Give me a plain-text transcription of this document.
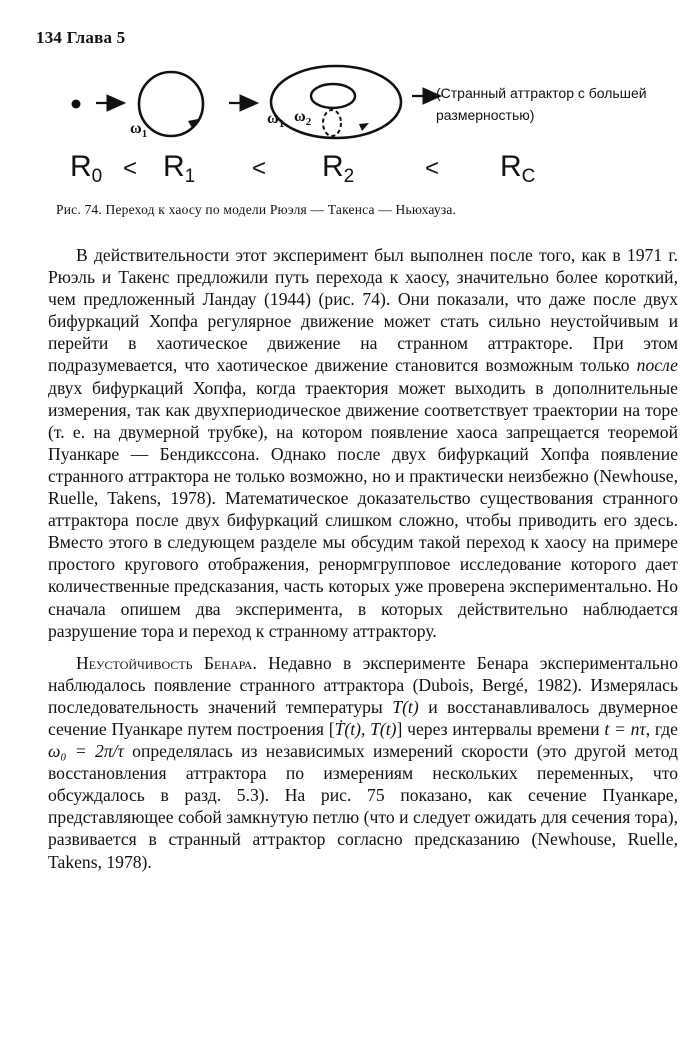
134 Глава 5
$\omega_1$
$\omega_1$ $\omega_2$
(Странный аттрактор с большей размерностью)
$R_0 < R_1 < R_2$	< $R_C$
Рис. 74. Переход к хаосу по модели Рюэля — Такенса — Ньюхауза.

В действительности этот эксперимент был выполнен после того, как в 1971 г. Рюэль и Такенс предложили путь перехода к хаосу, значительно более короткий, чем предложенный Ландау (1944) (рис. 74). Они показали, что даже после двух бифуркаций Хопфа регулярное движение может стать сильно неустойчивым и перейти в хаотическое движение на странном аттракторе. При этом подразумевается, что хаотическое движение становится возможным только после двух бифуркаций Хопфа, когда траектория может выходить в дополнительные измерения, так как двухпериодическое движение соответствует траектории на торе (т. е. на двумерной трубке), на котором появление хаоса запрещается теоремой Пуанкаре — Бендикссона. Однако после двух бифуркаций Хопфа появление странного аттрактора не только возможно, но и практически неизбежно (Newhouse, Ruelle, Takens, 1978). Математическое доказательство существования странного аттрактора после двух бифуркаций слишком сложно, чтобы приводить его здесь. Вместо этого в следующем разделе мы обсудим такой переход к хаосу на примере простого кругового отображения, ренормгрупповое исследование которого дает количественные предсказания, часть которых уже проверена экспериментально. Но сначала опишем два эксперимента, в которых действительно наблюдается разрушение тора и переход к странному аттрактору.

Неустойчивость Бенара. Недавно в эксперименте Бенара экспериментально наблюдалось появление странного аттрактора (Dubois, Bergé, 1982). Измерялась последовательность значений температуры T(t) и восстанавливалось двумерное сечение Пуанкаре путем построения [Ṫ(t), T(t)] через интервалы времени t = nτ, где ω₀ = 2π/τ определялась из независимых измерений скорости (это другой метод восстановления аттрактора по измерениям нескольких переменных, что обсуждалось в разд. 5.3). На рис. 75 показано, как сечение Пуанкаре, представляющее собой замкнутую петлю (что и следует ожидать для сечения тора), развивается в странный аттрактор согласно предсказанию (Newhouse, Ruelle, Takens, 1978).
